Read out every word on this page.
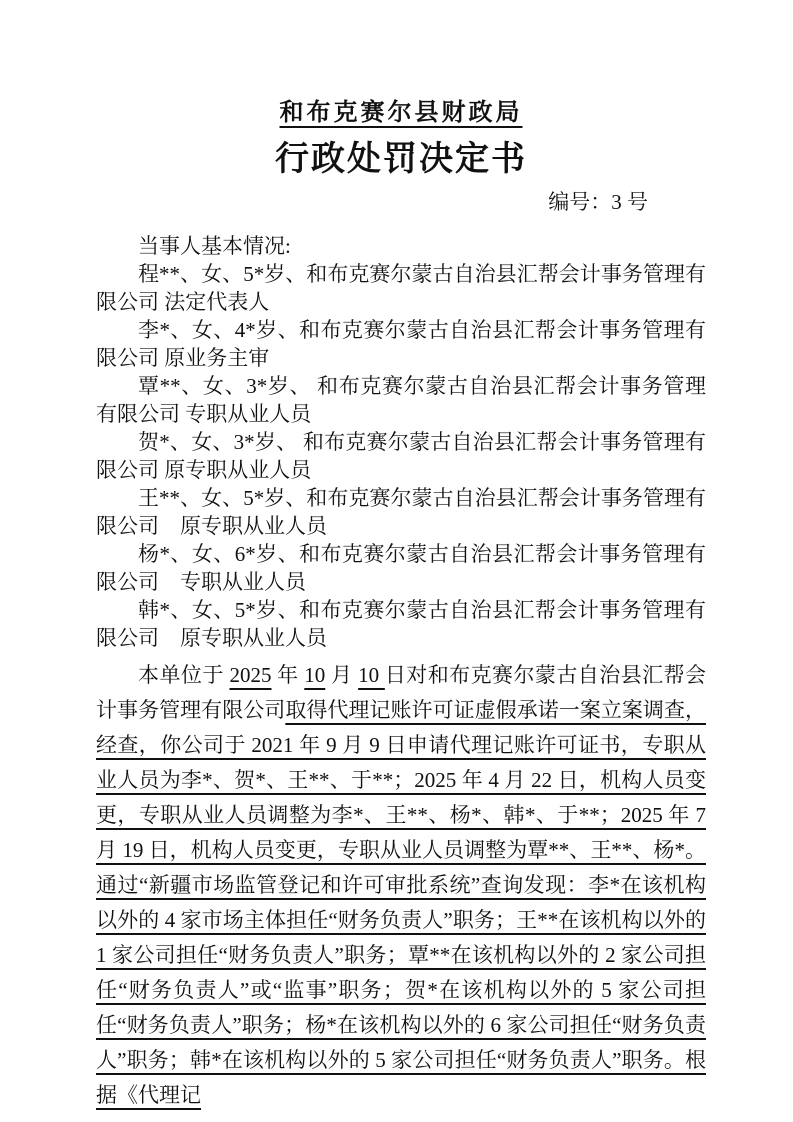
和布克赛尔县财政局

行政处罚决定书

编号：3 号

当事人基本情况:

程**、女、5*岁、和布克赛尔蒙古自治县汇帮会计事务管理有限公司 法定代表人

李*、女、4*岁、和布克赛尔蒙古自治县汇帮会计事务管理有限公司 原业务主审

覃**、女、3*岁、 和布克赛尔蒙古自治县汇帮会计事务管理有限公司 专职从业人员

贺*、女、3*岁、 和布克赛尔蒙古自治县汇帮会计事务管理有限公司 原专职从业人员

王**、女、5*岁、和布克赛尔蒙古自治县汇帮会计事务管理有限公司　原专职从业人员

杨*、女、6*岁、和布克赛尔蒙古自治县汇帮会计事务管理有限公司　专职从业人员

韩*、女、5*岁、和布克赛尔蒙古自治县汇帮会计事务管理有限公司　原专职从业人员

本单位于 2025 年 10 月 10 日对和布克赛尔蒙古自治县汇帮会计事务管理有限公司取得代理记账许可证虚假承诺一案立案调查，经查，你公司于 2021 年 9 月 9 日申请代理记账许可证书，专职从业人员为李*、贺*、王**、于**；2025 年 4 月 22 日，机构人员变更，专职从业人员调整为李*、王**、杨*、韩*、于**；2025 年 7 月 19 日，机构人员变更，专职从业人员调整为覃**、王**、杨*。通过“新疆市场监管登记和许可审批系统”查询发现：李*在该机构以外的 4 家市场主体担任“财务负责人”职务；王**在该机构以外的 1 家公司担任“财务负责人”职务；覃**在该机构以外的 2 家公司担任“财务负责人”或“监事”职务；贺*在该机构以外的 5 家公司担任“财务负责人”职务；杨*在该机构以外的 6 家公司担任“财务负责人”职务；韩*在该机构以外的 5 家公司担任“财务负责人”职务。根据《代理记
